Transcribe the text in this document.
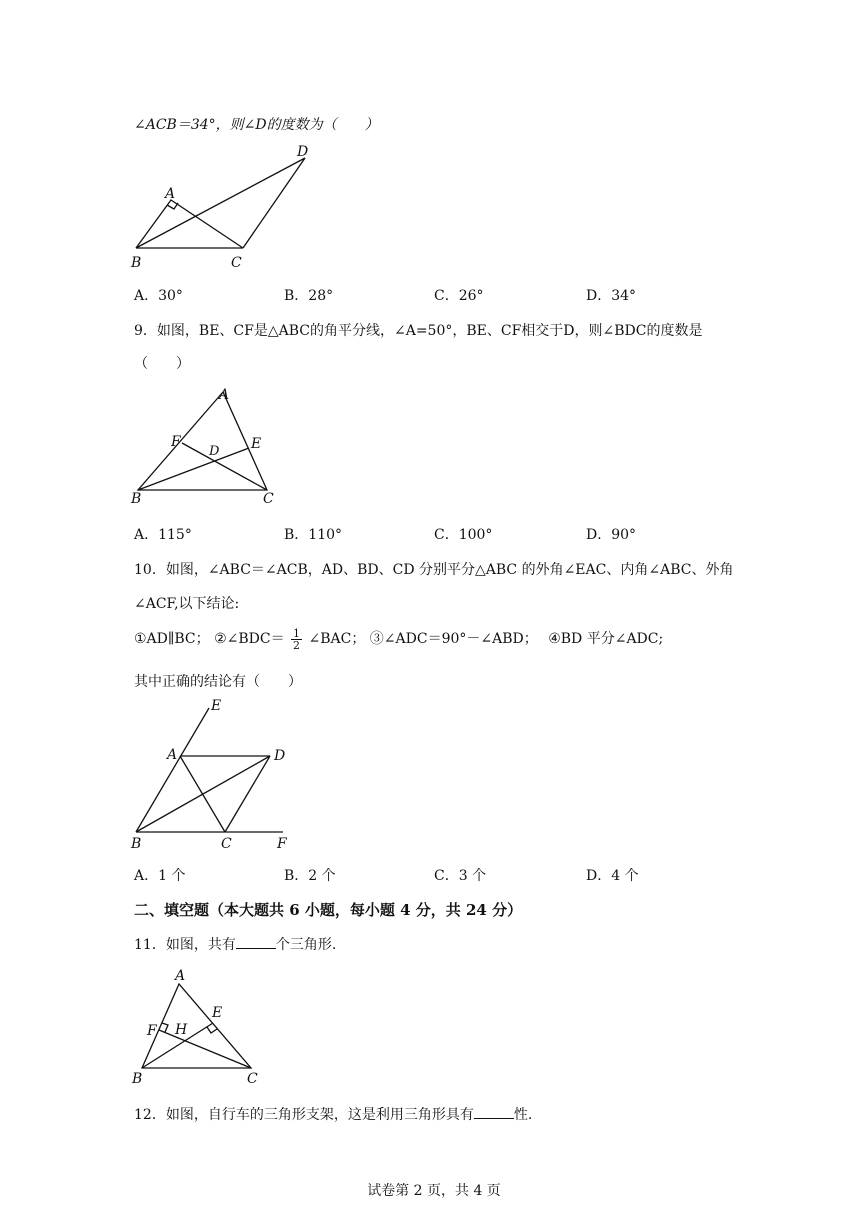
∠ACB＝34°，则∠D的度数为（　　）
A
B	C
D
A．30°	B．28°	C．26°	D．34°
9．如图，BE、CF是△ABC的角平分线，∠A=50°，BE、CF相交于D，则∠BDC的度数是
（　　）
A
B	C
D E
F
A．115°	B．110°	C．100°	D．90°
10．如图，∠ABC＝∠ACB，AD、BD、CD 分别平分△ABC 的外角∠EAC、内角∠ABC、外角
∠ACF,以下结论:
①AD∥BC； ②∠BDC＝ $\frac{1}{2}$ ∠BAC； ③∠ADC＝90°－∠ABD； ④BD 平分∠ADC;
其中正确的结论有（　　）
A
B	C
D
E
F
A．1 个	B．2 个	C．3 个	D．4 个
二、填空题（本大题共 6 小题，每小题 4 分，共 24 分）
11．如图，共有	个三角形.
A
B	C
E
F H
12．如图，自行车的三角形支架，这是利用三角形具有	性.
试卷第 2 页，共 4 页
